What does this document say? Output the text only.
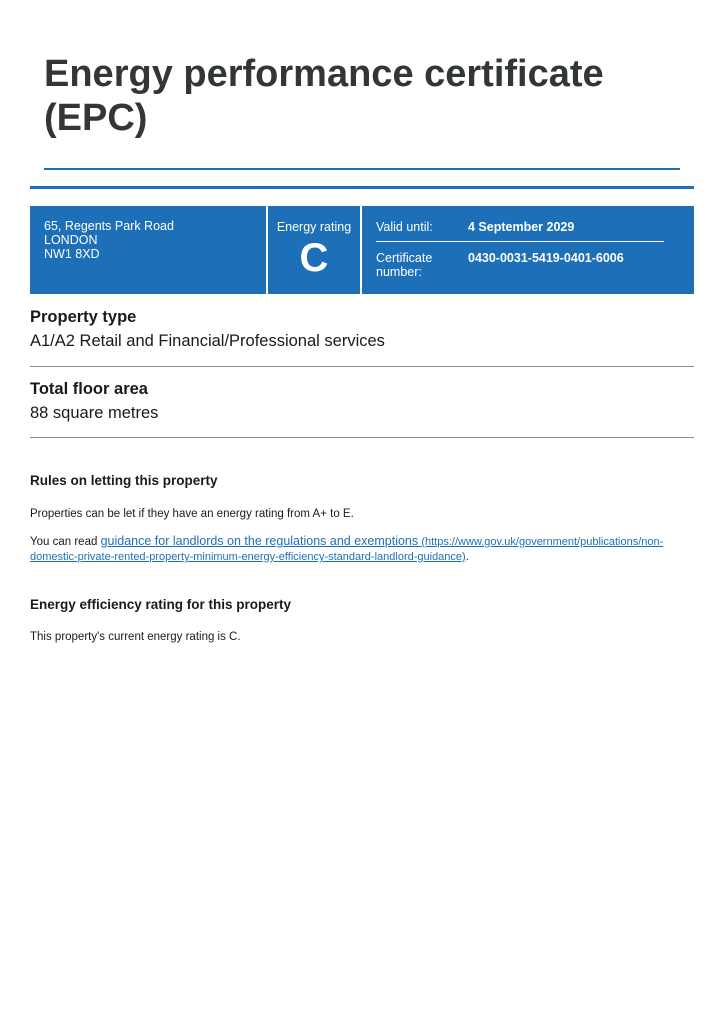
Energy performance certificate (EPC)
65, Regents Park Road
LONDON
NW1 8XD
Energy rating
C
Valid until:	4 September 2029
Certificate number:
0430-0031-5419-0401-6006
Property type

A1/A2 Retail and Financial/Professional services

Total floor area

88 square metres

Rules on letting this property

Properties can be let if they have an energy rating from A+ to E.

You can read guidance for landlords on the regulations and exemptions (https://www.gov.uk/government/publications/non-
domestic-private-rented-property-minimum-energy-efficiency-standard-landlord-guidance).

Energy efficiency rating for this property

This property's current energy rating is C.
